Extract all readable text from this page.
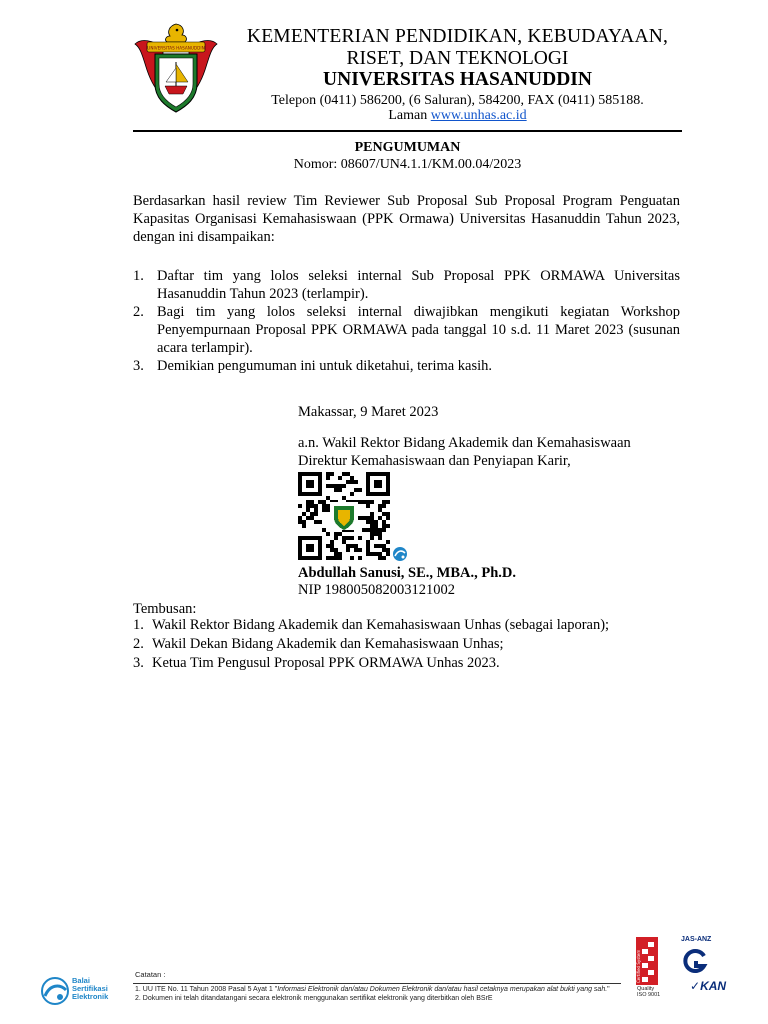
UNIVERSITAS HASANUDDIN
KEMENTERIAN PENDIDIKAN, KEBUDAYAAN,
RISET, DAN TEKNOLOGI
UNIVERSITAS HASANUDDIN
Telepon (0411) 586200, (6 Saluran), 584200, FAX (0411) 585188.
Laman www.unhas.ac.id
PENGUMUMAN
Nomor: 08607/UN4.1.1/KM.00.04/2023
Berdasarkan hasil review Tim Reviewer Sub Proposal Sub Proposal Program Penguatan Kapasitas Organisasi Kemahasiswaan (PPK Ormawa) Universitas Hasanuddin Tahun 2023, dengan ini disampaikan:
1. Daftar tim yang lolos seleksi internal Sub Proposal PPK ORMAWA Universitas Hasanuddin Tahun 2023 (terlampir).
2. Bagi tim yang lolos seleksi internal diwajibkan mengikuti kegiatan Workshop Penyempurnaan Proposal PPK ORMAWA pada tanggal 10 s.d. 11 Maret 2023 (susunan acara terlampir).
3. Demikian pengumuman ini untuk diketahui, terima kasih.
Makassar, 9 Maret 2023
a.n. Wakil Rektor Bidang Akademik dan Kemahasiswaan
Direktur Kemahasiswaan dan Penyiapan Karir,
Abdullah Sanusi, SE., MBA., Ph.D.
NIP 198005082003121002
Tembusan:
1. Wakil Rektor Bidang Akademik dan Kemahasiswaan Unhas (sebagai laporan);
2. Wakil Dekan Bidang Akademik dan Kemahasiswaan Unhas;
3. Ketua Tim Pengusul Proposal PPK ORMAWA Unhas 2023.
Balai
Sertifikasi
Elektronik
Catatan :
1. UU ITE No. 11 Tahun 2008 Pasal 5 Ayat 1 "Informasi Elektronik dan/atau Dokumen Elektronik dan/atau hasil cetaknya merupakan alat bukti yang sah."
2. Dokumen ini telah ditandatangani secara elektronik menggunakan sertifikat elektronik yang diterbitkan oleh BSrE
Certified System
Quality
ISO 9001
JAS-ANZ
✓KAN
